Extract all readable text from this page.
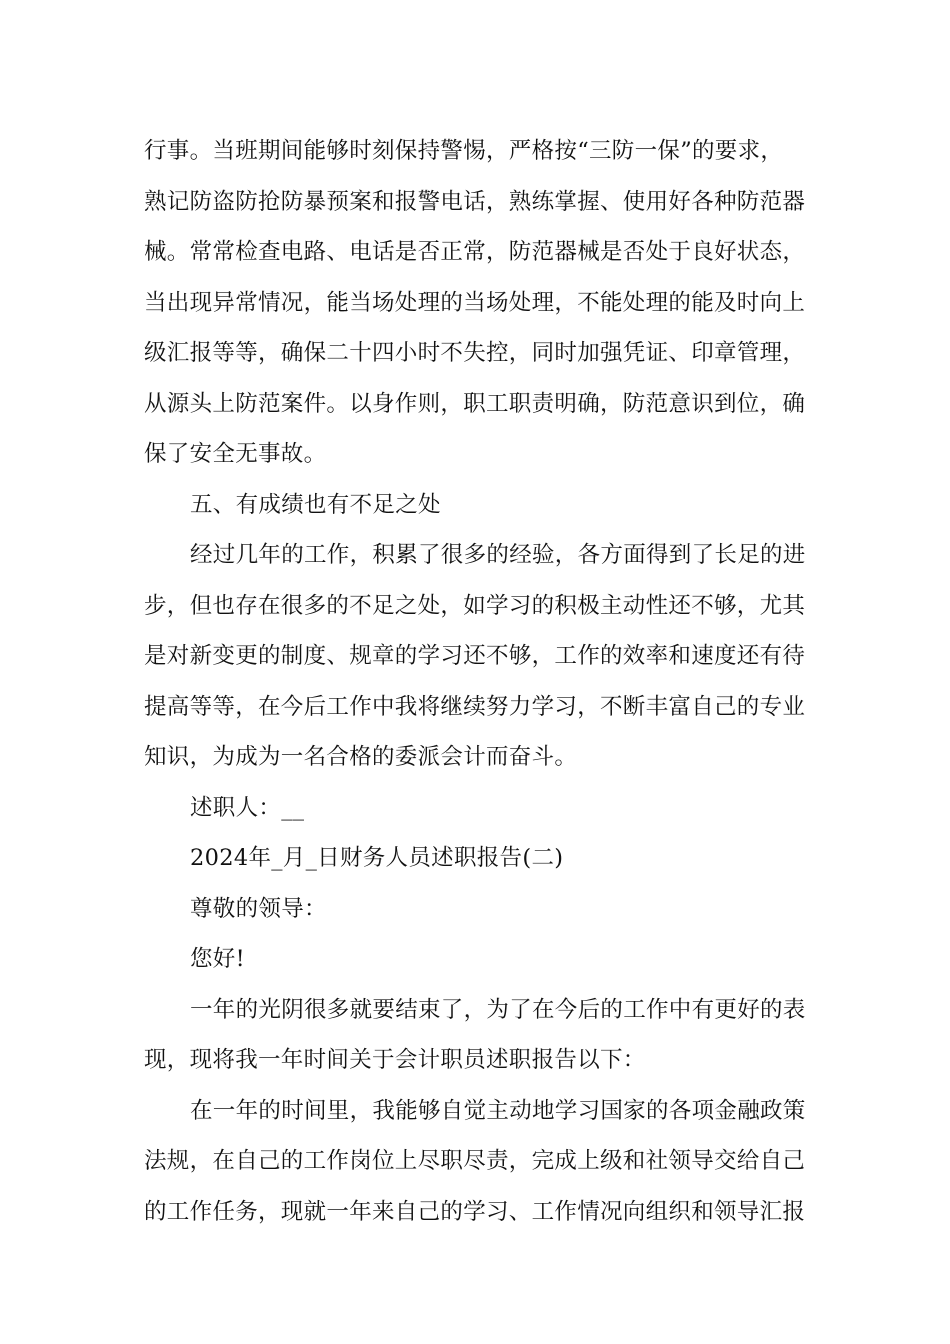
行事。当班期间能够时刻保持警惕，严格按“三防一保”的要求，
熟记防盗防抢防暴预案和报警电话，熟练掌握、使用好各种防范器
械。常常检查电路、电话是否正常，防范器械是否处于良好状态，
当出现异常情况，能当场处理的当场处理，不能处理的能及时向上
级汇报等等，确保二十四小时不失控，同时加强凭证、印章管理，
从源头上防范案件。以身作则，职工职责明确，防范意识到位，确
保了安全无事故。
五、有成绩也有不足之处
经过几年的工作，积累了很多的经验，各方面得到了长足的进
步，但也存在很多的不足之处，如学习的积极主动性还不够，尤其
是对新变更的制度、规章的学习还不够，工作的效率和速度还有待
提高等等，在今后工作中我将继续努力学习，不断丰富自己的专业
知识，为成为一名合格的委派会计而奋斗。
述职人：__
2024年_月_日财务人员述职报告(二)
尊敬的领导：
您好!
一年的光阴很多就要结束了，为了在今后的工作中有更好的表
现，现将我一年时间关于会计职员述职报告以下：
在一年的时间里，我能够自觉主动地学习国家的各项金融政策
法规，在自己的工作岗位上尽职尽责，完成上级和社领导交给自己
的工作任务，现就一年来自己的学习、工作情况向组织和领导汇报
